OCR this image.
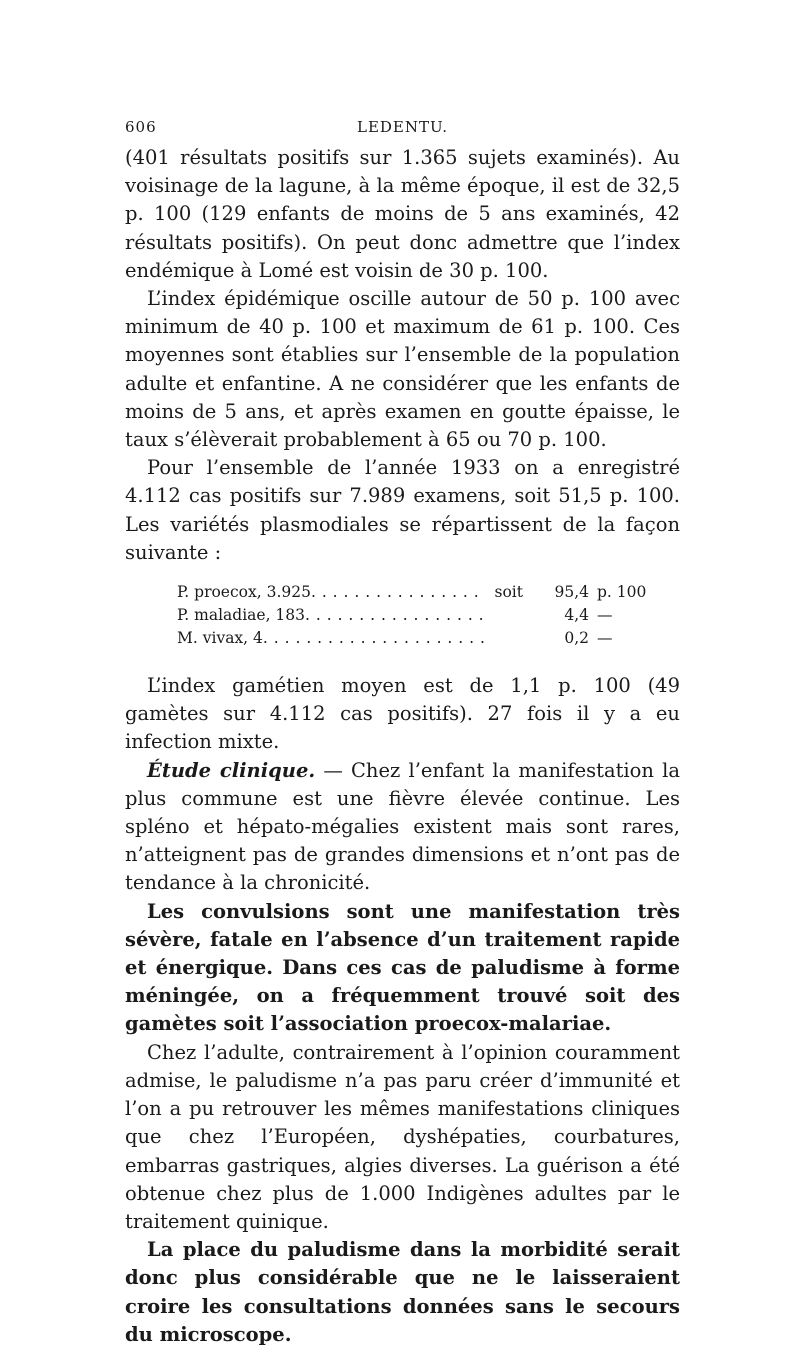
606	LEDENTU.

(401 résultats positifs sur 1.365 sujets examinés). Au voisinage de la lagune, à la même époque, il est de 32,5 p. 100 (129 enfants de moins de 5 ans examinés, 42 résultats positifs). On peut donc admettre que l’index endémique à Lomé est voisin de 30 p. 100.

L’index épidémique oscille autour de 50 p. 100 avec minimum de 40 p. 100 et maximum de 61 p. 100. Ces moyennes sont établies sur l’ensemble de la population adulte et enfantine. A ne considérer que les enfants de moins de 5 ans, et après examen en goutte épaisse, le taux s’élèverait probablement à 65 ou 70 p. 100.

Pour l’ensemble de l’année 1933 on a enregistré 4.112 cas positifs sur 7.989 examens, soit 51,5 p. 100. Les variétés plasmodiales se répartissent de la façon suivante :

P. proecox, 3.925 . . .	soit	95,4 p. 100
P. maladiae, 183 . . .	4,4 —
M. vivax, 4 . . .	0,2 —

L’index gamétien moyen est de 1,1 p. 100 (49 gamètes sur 4.112 cas positifs). 27 fois il y a eu infection mixte.

Étude clinique. — Chez l’enfant la manifestation la plus commune est une fièvre élevée continue. Les spléno et hépato-mégalies existent mais sont rares, n’atteignent pas de grandes dimensions et n’ont pas de tendance à la chronicité.

Les convulsions sont une manifestation très sévère, fatale en l’absence d’un traitement rapide et énergique. Dans ces cas de paludisme à forme méningée, on a fréquemment trouvé soit des gamètes soit l’association proecox-malariae.

Chez l’adulte, contrairement à l’opinion couramment admise, le paludisme n’a pas paru créer d’immunité et l’on a pu retrouver les mêmes manifestations cliniques que chez l’Européen, dyshépaties, courbatures, embarras gastriques, algies diverses. La guérison a été obtenue chez plus de 1.000 Indigènes adultes par le traitement quinique.

La place du paludisme dans la morbidité serait donc plus considérable que ne le laisseraient croire les consultations données sans le secours du microscope.
